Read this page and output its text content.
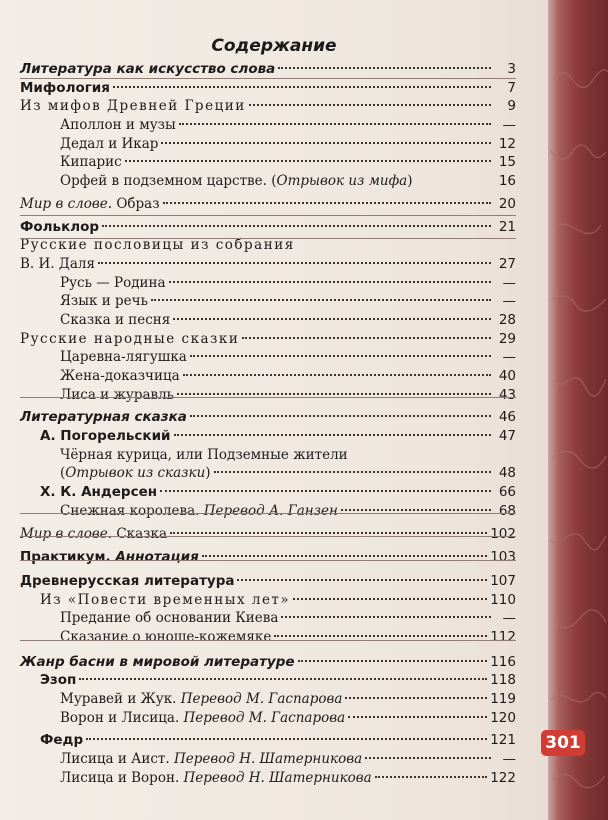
Содержание
Литература как искусство слова	3
Мифология	7
Из мифов Древней Греции	9
Аполлон и музы	—
Дедал и Икар	12
Кипарис	15
Орфей в подземном царстве. (Отрывок из мифа)	16
Мир в слове. Образ	20
Фольклор	21
Русские пословицы из собрания
В. И. Даля	27
Русь — Родина	—
Язык и речь	—
Сказка и песня	28
Русские народные сказки	29
Царевна-лягушка	—
Жена-доказчица	40
Лиса и журавль	43
Литературная сказка	46
А. Погорельский	47
Чёрная курица, или Подземные жители
(Отрывок из сказки)	48
Х. К. Андерсен	66
Снежная королева. Перевод А. Ганзен	68
Мир в слове. Сказка	102
Практикум. Аннотация	103
Древнерусская литература	107
Из «Повести временных лет»	110
Предание об основании Киева	—
Сказание о юноше-кожемяке	112
Жанр басни в мировой литературе	116
Эзоп	118
Муравей и Жук. Перевод М. Гаспарова	119
Ворон и Лисица. Перевод М. Гаспарова	120
Федр	121
Лисица и Аист. Перевод Н. Шатерникова	—
Лисица и Ворон. Перевод Н. Шатерникова	122
301
